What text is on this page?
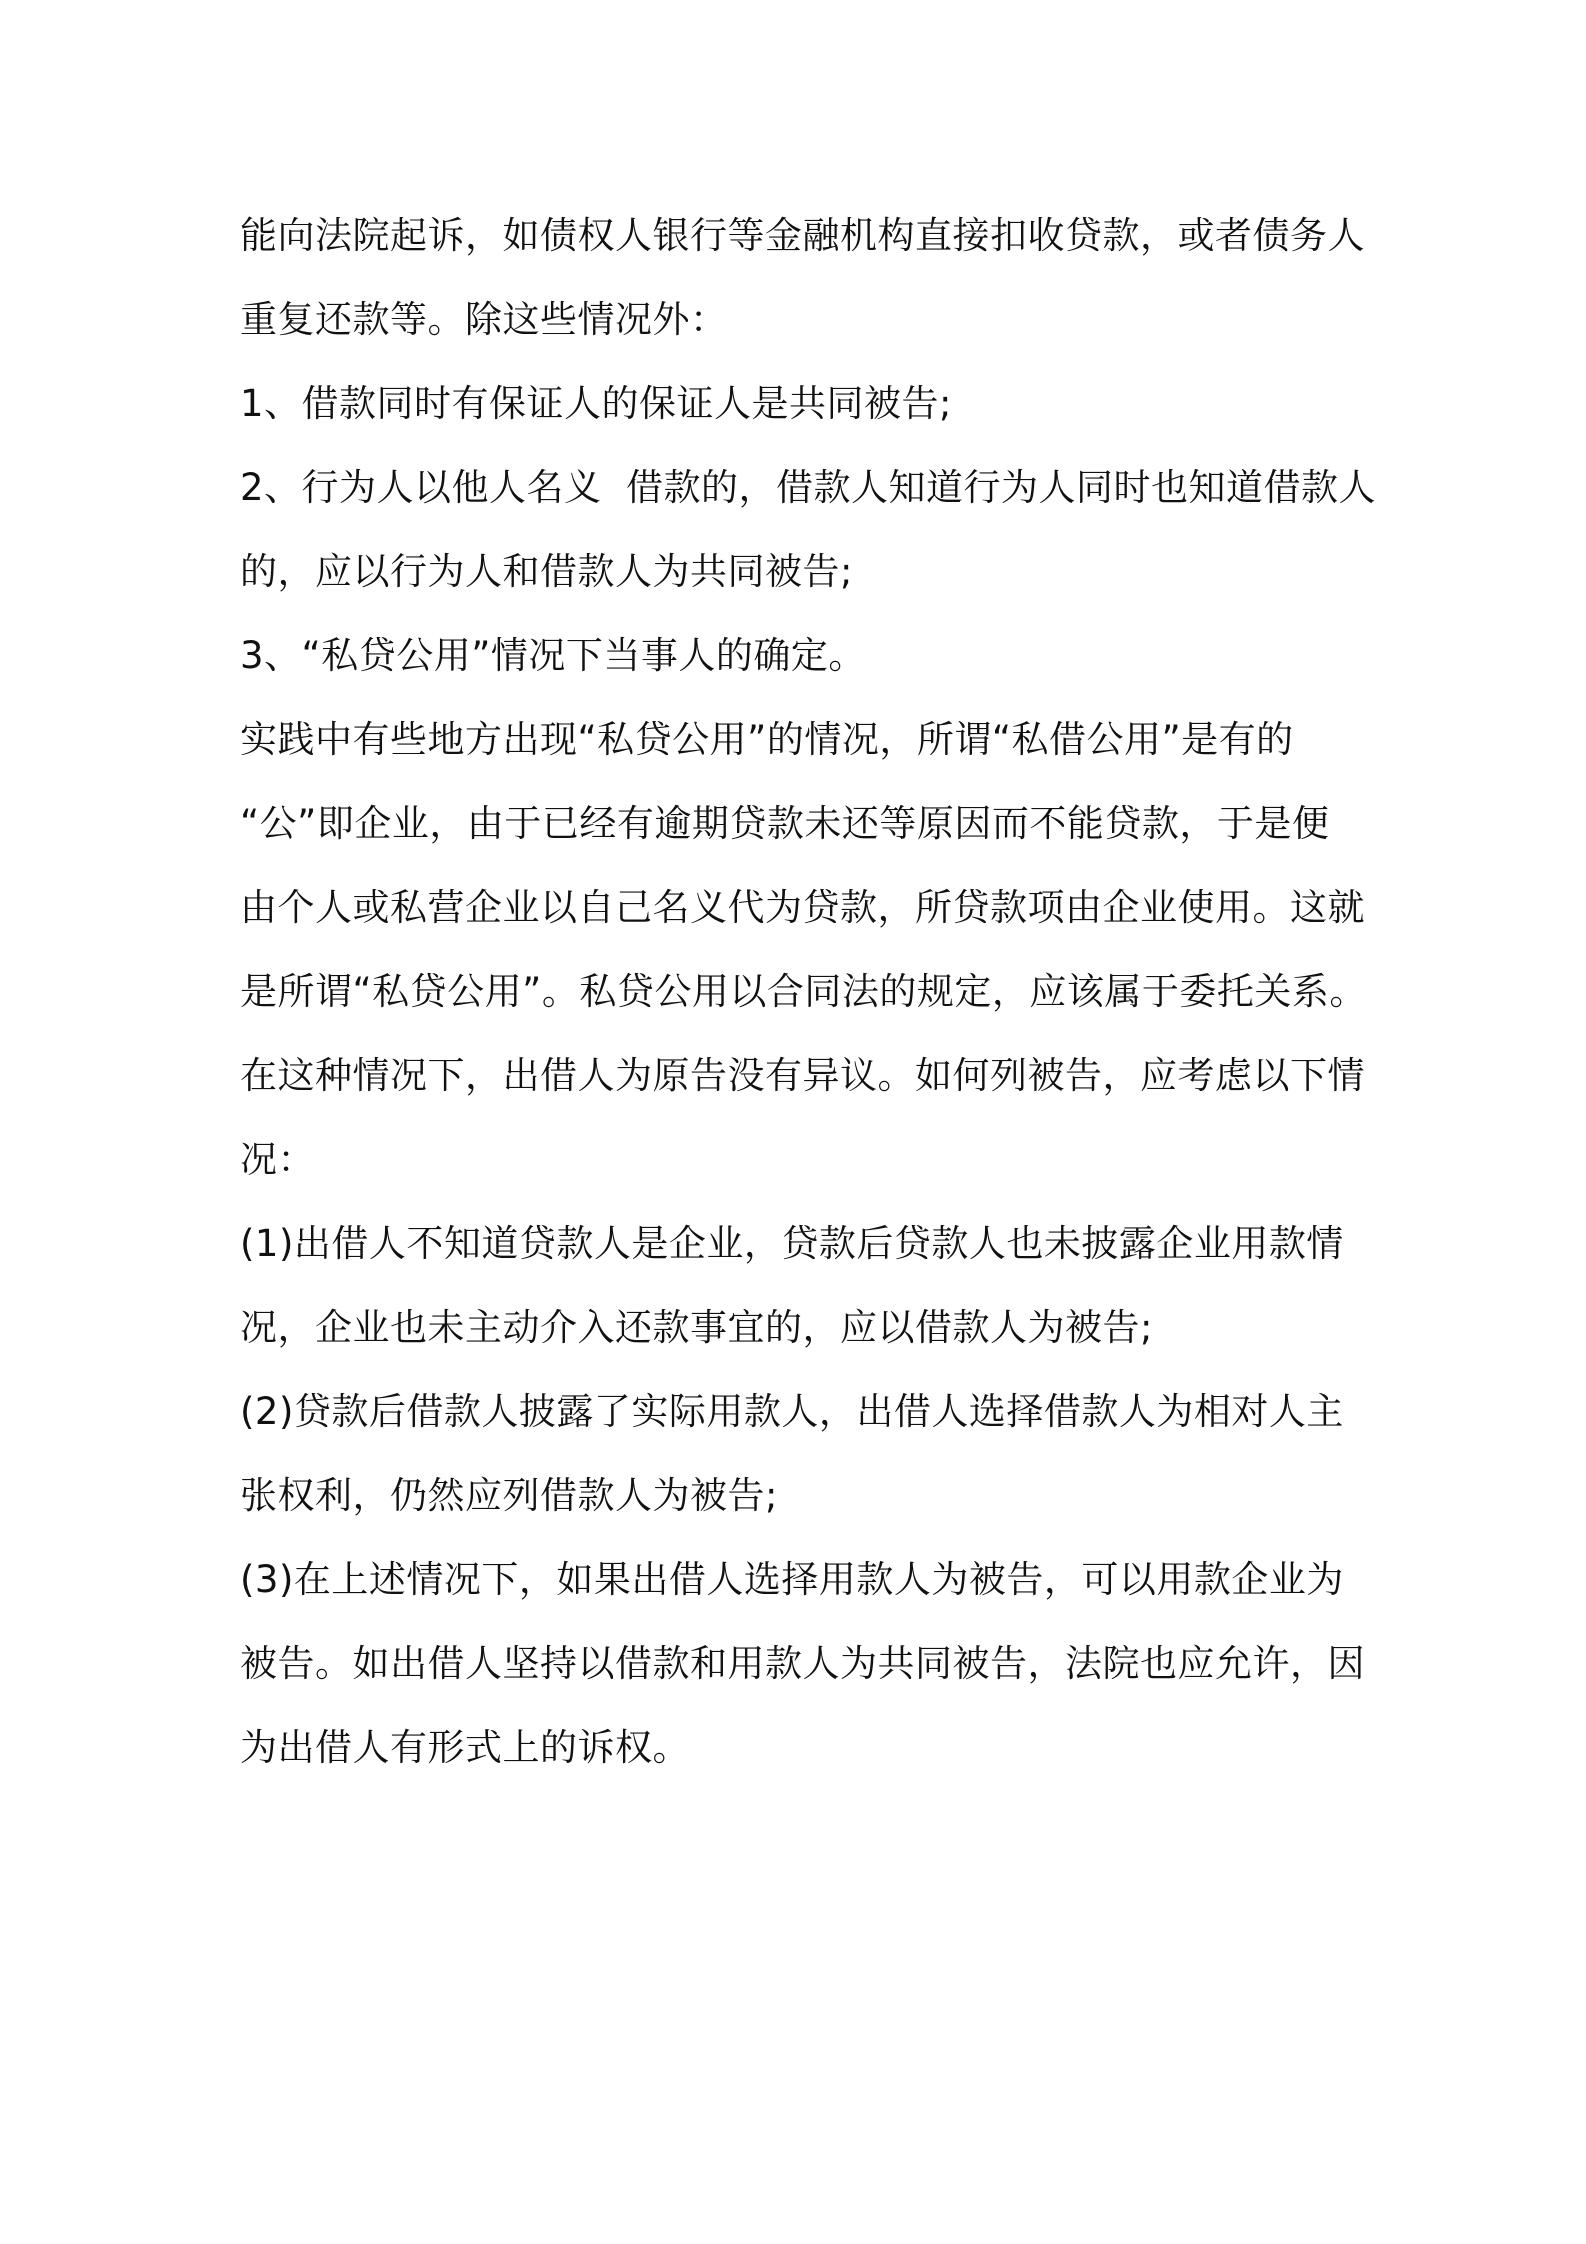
能向法院起诉，如债权人银行等金融机构直接扣收贷款，或者债务人
重复还款等。除这些情况外：
1、借款同时有保证人的保证人是共同被告;
2、行为人以他人名义  借款的，借款人知道行为人同时也知道借款人
的，应以行为人和借款人为共同被告;
3、“私贷公用”情况下当事人的确定。
实践中有些地方出现“私贷公用”的情况，所谓“私借公用”是有的
“公”即企业，由于已经有逾期贷款未还等原因而不能贷款，于是便
由个人或私营企业以自己名义代为贷款，所贷款项由企业使用。这就
是所谓“私贷公用”。私贷公用以合同法的规定，应该属于委托关系。
在这种情况下，出借人为原告没有异议。如何列被告，应考虑以下情
况：
(1)出借人不知道贷款人是企业，贷款后贷款人也未披露企业用款情
况，企业也未主动介入还款事宜的，应以借款人为被告;
(2)贷款后借款人披露了实际用款人，出借人选择借款人为相对人主
张权利，仍然应列借款人为被告;
(3)在上述情况下，如果出借人选择用款人为被告，可以用款企业为
被告。如出借人坚持以借款和用款人为共同被告，法院也应允许，因
为出借人有形式上的诉权。
